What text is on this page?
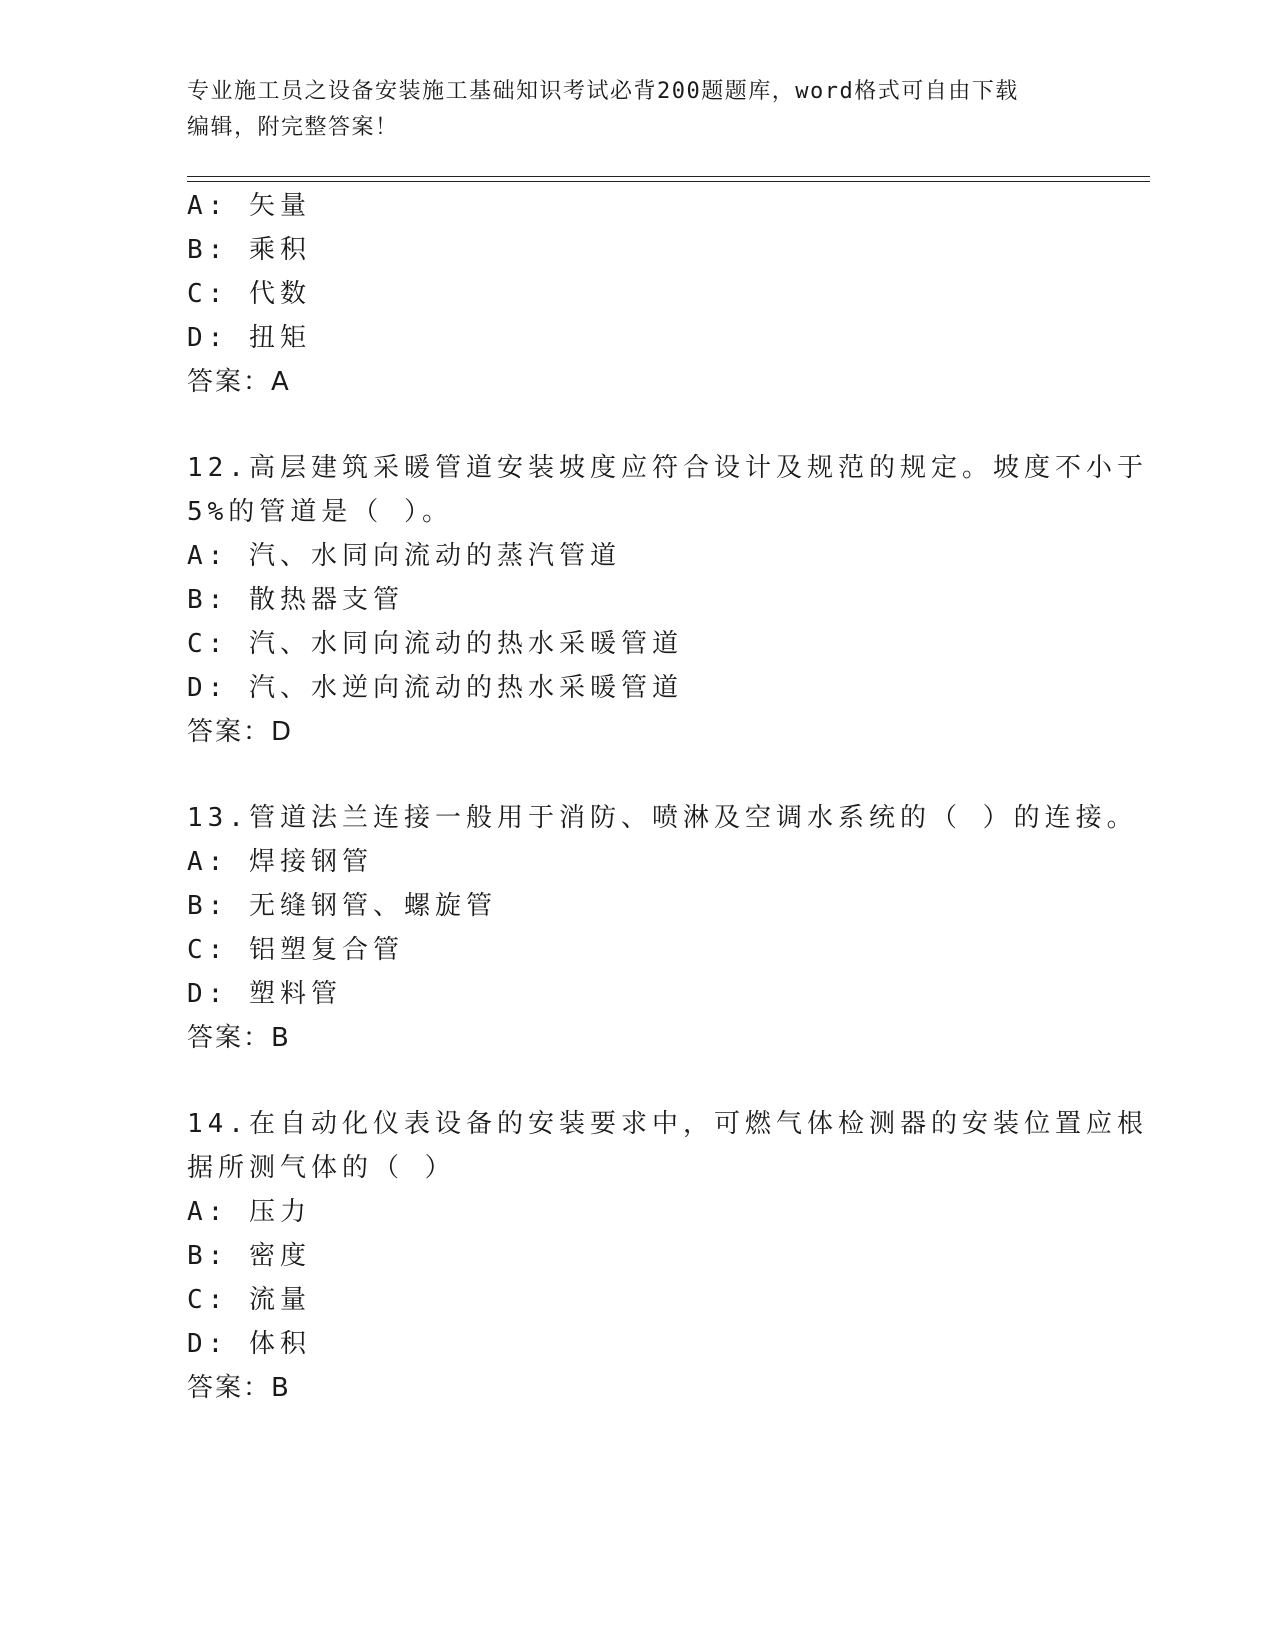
专业施工员之设备安装施工基础知识考试必背200题题库，word格式可自由下载
编辑，附完整答案！
A: 矢量
B: 乘积
C: 代数
D: 扭矩
答案：A
12.高层建筑采暖管道安装坡度应符合设计及规范的规定。坡度不小于
5%的管道是（ ）。
A: 汽、水同向流动的蒸汽管道
B: 散热器支管
C: 汽、水同向流动的热水采暖管道
D: 汽、水逆向流动的热水采暖管道
答案：D
13.管道法兰连接一般用于消防、喷淋及空调水系统的（ ）的连接。
A: 焊接钢管
B: 无缝钢管、螺旋管
C: 铝塑复合管
D: 塑料管
答案：B
14.在自动化仪表设备的安装要求中，可燃气体检测器的安装位置应根
据所测气体的（ ）
A: 压力
B: 密度
C: 流量
D: 体积
答案：B
